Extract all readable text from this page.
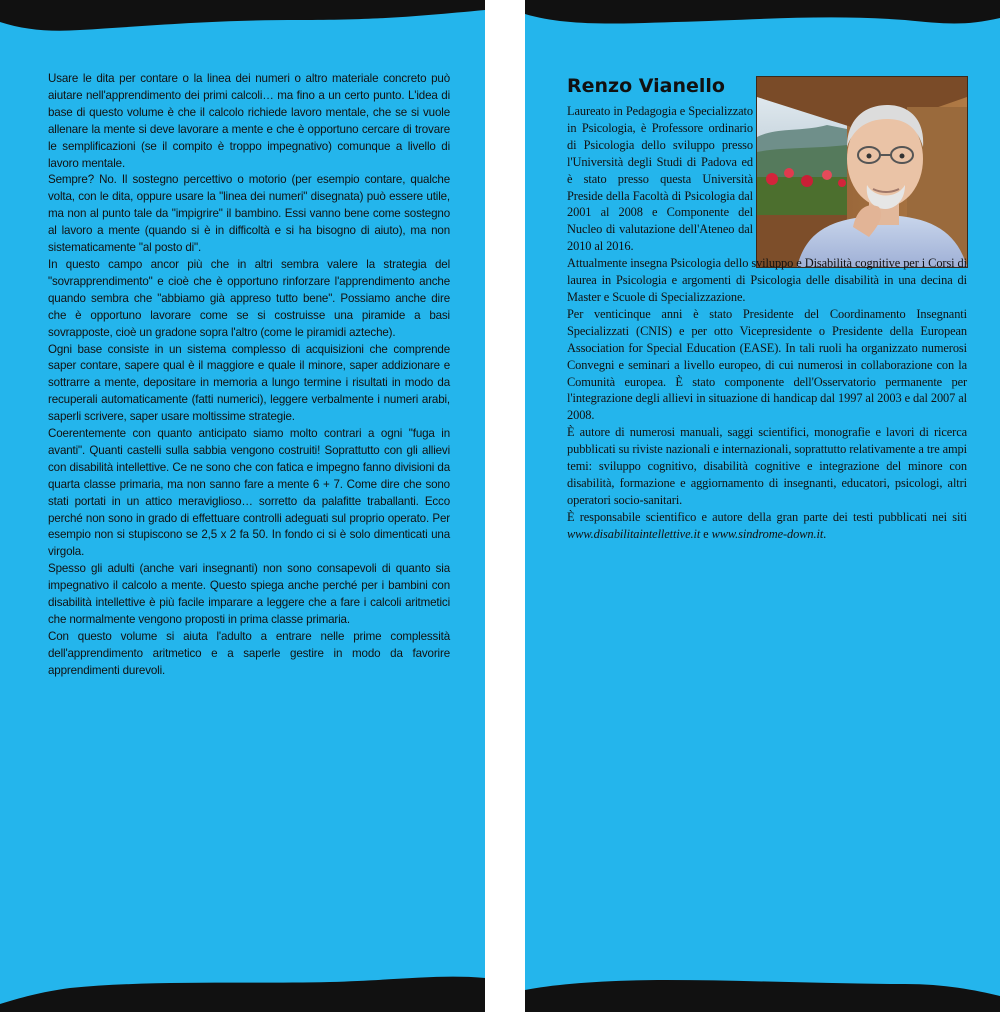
Usare le dita per contare o la linea dei numeri o altro materiale concreto può aiutare nell'apprendimento dei primi calcoli… ma fino a un certo punto. L'idea di base di questo volume è che il calcolo richiede lavoro mentale, che se si vuole allenare la mente si deve lavorare a mente e che è opportuno cercare di trovare le semplificazioni (se il compito è troppo impegnativo) comunque a livello di lavoro mentale.

Sempre? No. Il sostegno percettivo o motorio (per esempio contare, qualche volta, con le dita, oppure usare la "linea dei numeri" disegnata) può essere utile, ma non al punto tale da "impigrire" il bambino. Essi vanno bene come sostegno al lavoro a mente (quando si è in difficoltà e si ha bisogno di aiuto), ma non sistematicamente "al posto di".

In questo campo ancor più che in altri sembra valere la strategia del "sovrapprendimento" e cioè che è opportuno rinforzare l'apprendimento anche quando sembra che "abbiamo già appreso tutto bene". Possiamo anche dire che è opportuno lavorare come se si costruisse una piramide a basi sovrapposte, cioè un gradone sopra l'altro (come le piramidi azteche).

Ogni base consiste in un sistema complesso di acquisizioni che comprende saper contare, sapere qual è il maggiore e quale il minore, saper addizionare e sottrarre a mente, depositare in memoria a lungo termine i risultati in modo da recuperali automaticamente (fatti numerici), leggere verbalmente i numeri arabi, saperli scrivere, saper usare moltissime strategie.

Coerentemente con quanto anticipato siamo molto contrari a ogni "fuga in avanti". Quanti castelli sulla sabbia vengono costruiti! Soprattutto con gli allievi con disabilità intellettive. Ce ne sono che con fatica e impegno fanno divisioni da quarta classe primaria, ma non sanno fare a mente 6 + 7. Come dire che sono stati portati in un attico meraviglioso… sorretto da palafitte traballanti. Ecco perché non sono in grado di effettuare controlli adeguati sul proprio operato. Per esempio non si stupiscono se 2,5 x 2 fa 50. In fondo ci si è solo dimenticati una virgola.

Spesso gli adulti (anche vari insegnanti) non sono consapevoli di quanto sia impegnativo il calcolo a mente. Questo spiega anche perché per i bambini con disabilità intellettive è più facile imparare a leggere che a fare i calcoli aritmetici che normalmente vengono proposti in prima classe primaria.

Con questo volume si aiuta l'adulto a entrare nelle prime complessità dell'apprendimento aritmetico e a saperle gestire in modo da favorire apprendimenti durevoli.

Renzo Vianello

Laureato in Pedagogia e Specializzato in Psicologia, è Professore ordinario di Psicologia dello sviluppo presso l'Università degli Studi di Padova ed è stato presso questa Università Preside della Facoltà di Psicologia dal 2001 al 2008 e Componente del Nucleo di valutazione dell'Ateneo dal 2010 al 2016.

Attualmente insegna Psicologia dello sviluppo e Disabilità cognitive per i Corsi di laurea in Psicologia e argomenti di Psicologia delle disabilità in una decina di Master e Scuole di Specializzazione.

Per venticinque anni è stato Presidente del Coordinamento Insegnanti Specializzati (CNIS) e per otto Vicepresidente o Presidente della European Association for Special Education (EASE). In tali ruoli ha organizzato numerosi Convegni e seminari a livello europeo, di cui numerosi in collaborazione con la Comunità europea. È stato componente dell'Osservatorio permanente per l'integrazione degli allievi in situazione di handicap dal 1997 al 2003 e dal 2007 al 2008.

È autore di numerosi manuali, saggi scientifici, monografie e lavori di ricerca pubblicati su riviste nazionali e internazionali, soprattutto relativamente a tre ampi temi: sviluppo cognitivo, disabilità cognitive e integrazione del minore con disabilità, formazione e aggiornamento di insegnanti, educatori, psicologi, altri operatori socio-sanitari.

È responsabile scientifico e autore della gran parte dei testi pubblicati nei siti www.disabilitaintellettive.it e www.sindrome-down.it.
